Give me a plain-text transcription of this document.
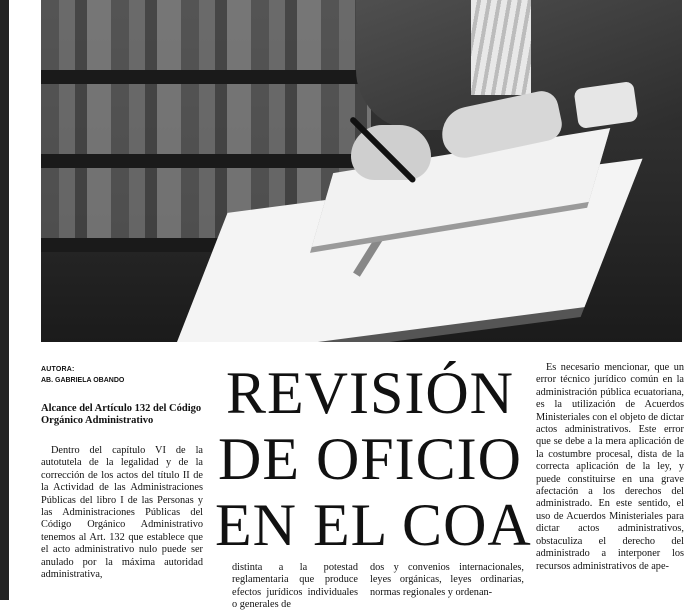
AUTORA:
AB. GABRIELA OBANDO
Alcance del Artículo 132 del Código Orgánico Administrativo

Dentro del capítulo VI de la autotutela de la legalidad y de la corrección de los actos del título II de la Actividad de las Administraciones Públicas del libro I de las Personas y las Administraciones Públicas del Código Orgánico Administrativo tenemos al Art. 132 que establece que el acto administrativo nulo puede ser anulado por la máxima autoridad administrativa,

REVISIÓN
DE OFICIO
EN EL COA

distinta a la potestad reglamentaria que produce efectos jurídicos individuales o generales de

dos y convenios internacionales, leyes orgánicas, leyes ordinarias, normas regionales y ordenan-

Es necesario mencionar, que un error técnico jurídico común en la administración pública ecuatoriana, es la utilización de Acuerdos Ministeriales con el objeto de dictar actos administrativos. Este error que se debe a la mera aplicación de la costumbre procesal, dista de la correcta aplicación de la ley, y puede constituirse en una grave afectación a los derechos del administrado. En este sentido, el uso de Acuerdos Ministeriales para dictar actos administrativos, obstaculiza el derecho del administrado a interponer los recursos administrativos de ape-
